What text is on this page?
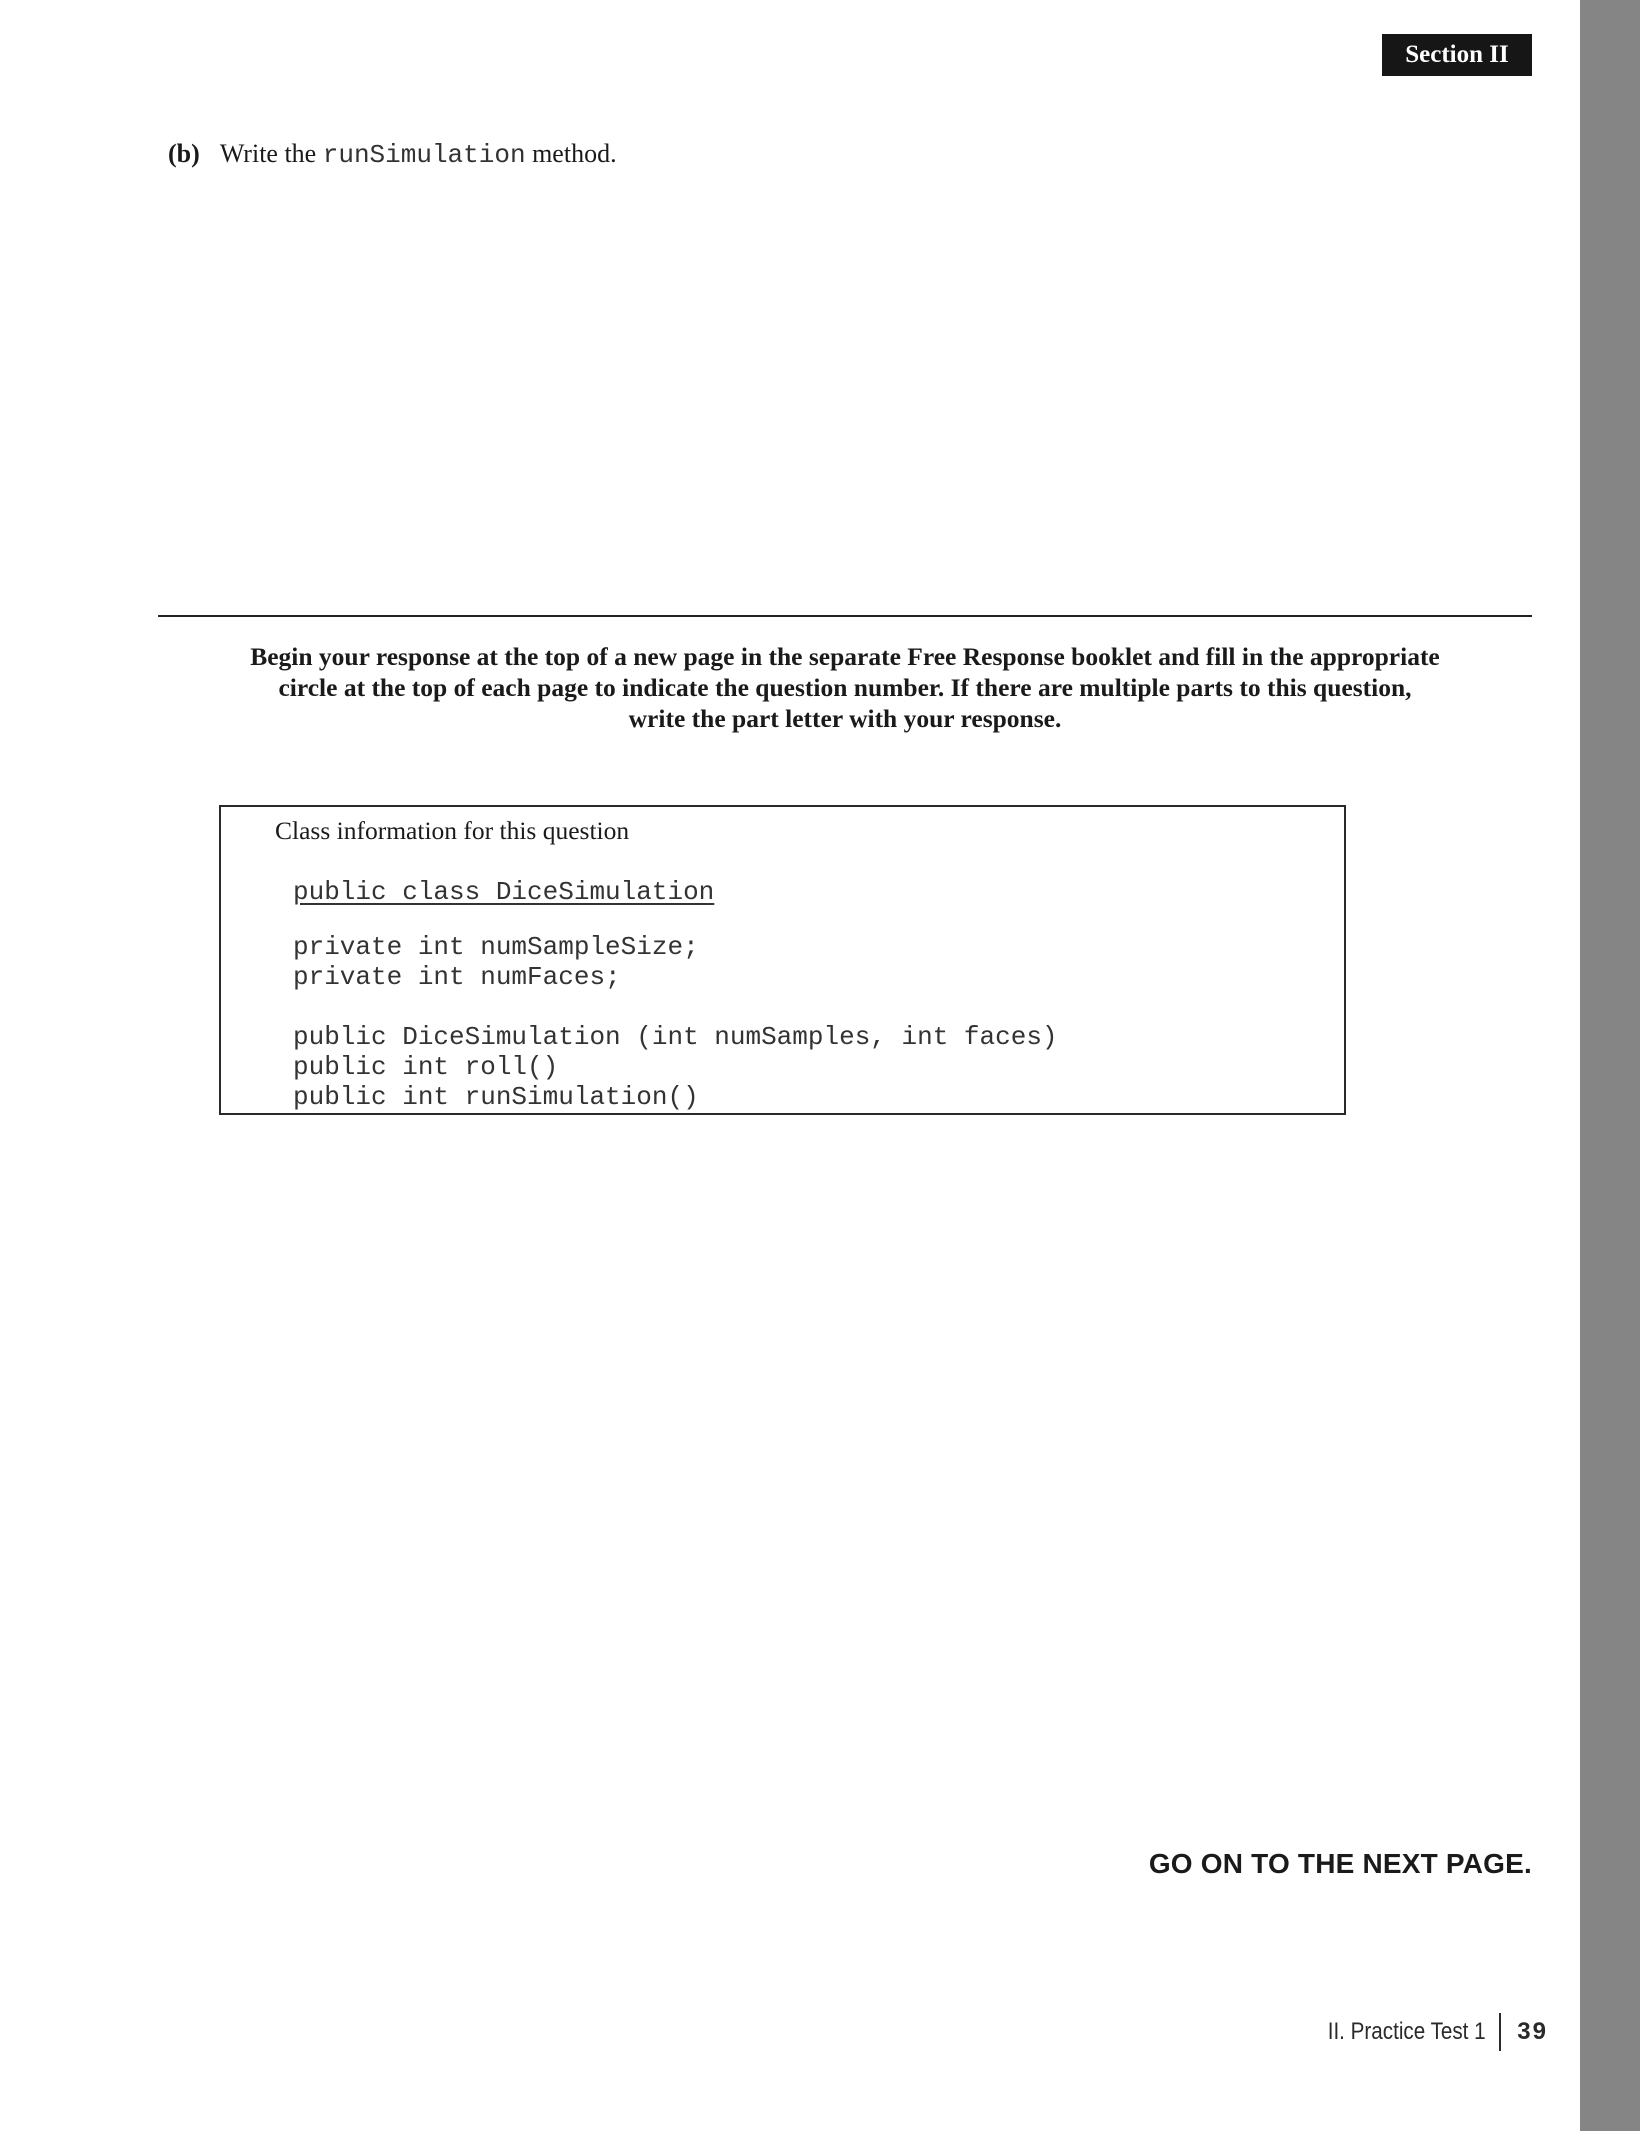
Section II
(b) Write the runSimulation method.
Begin your response at the top of a new page in the separate Free Response booklet and fill in the appropriate circle at the top of each page to indicate the question number. If there are multiple parts to this question, write the part letter with your response.
Class information for this question
public class DiceSimulation
private int numSampleSize;
private int numFaces;
public DiceSimulation (int numSamples, int faces)
public int roll()
public int runSimulation()
GO ON TO THE NEXT PAGE.
II. Practice Test 1 39
